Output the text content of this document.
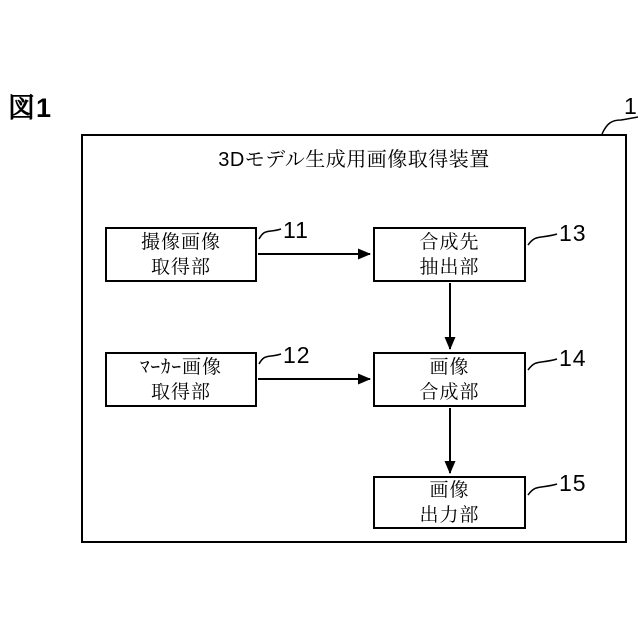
図1
3Dモデル生成用画像取得装置
撮像画像
取得部
合成先
抽出部
ﾏｰｶｰ画像
取得部
画像
合成部
画像
出力部
11
12
13
14
15
1
